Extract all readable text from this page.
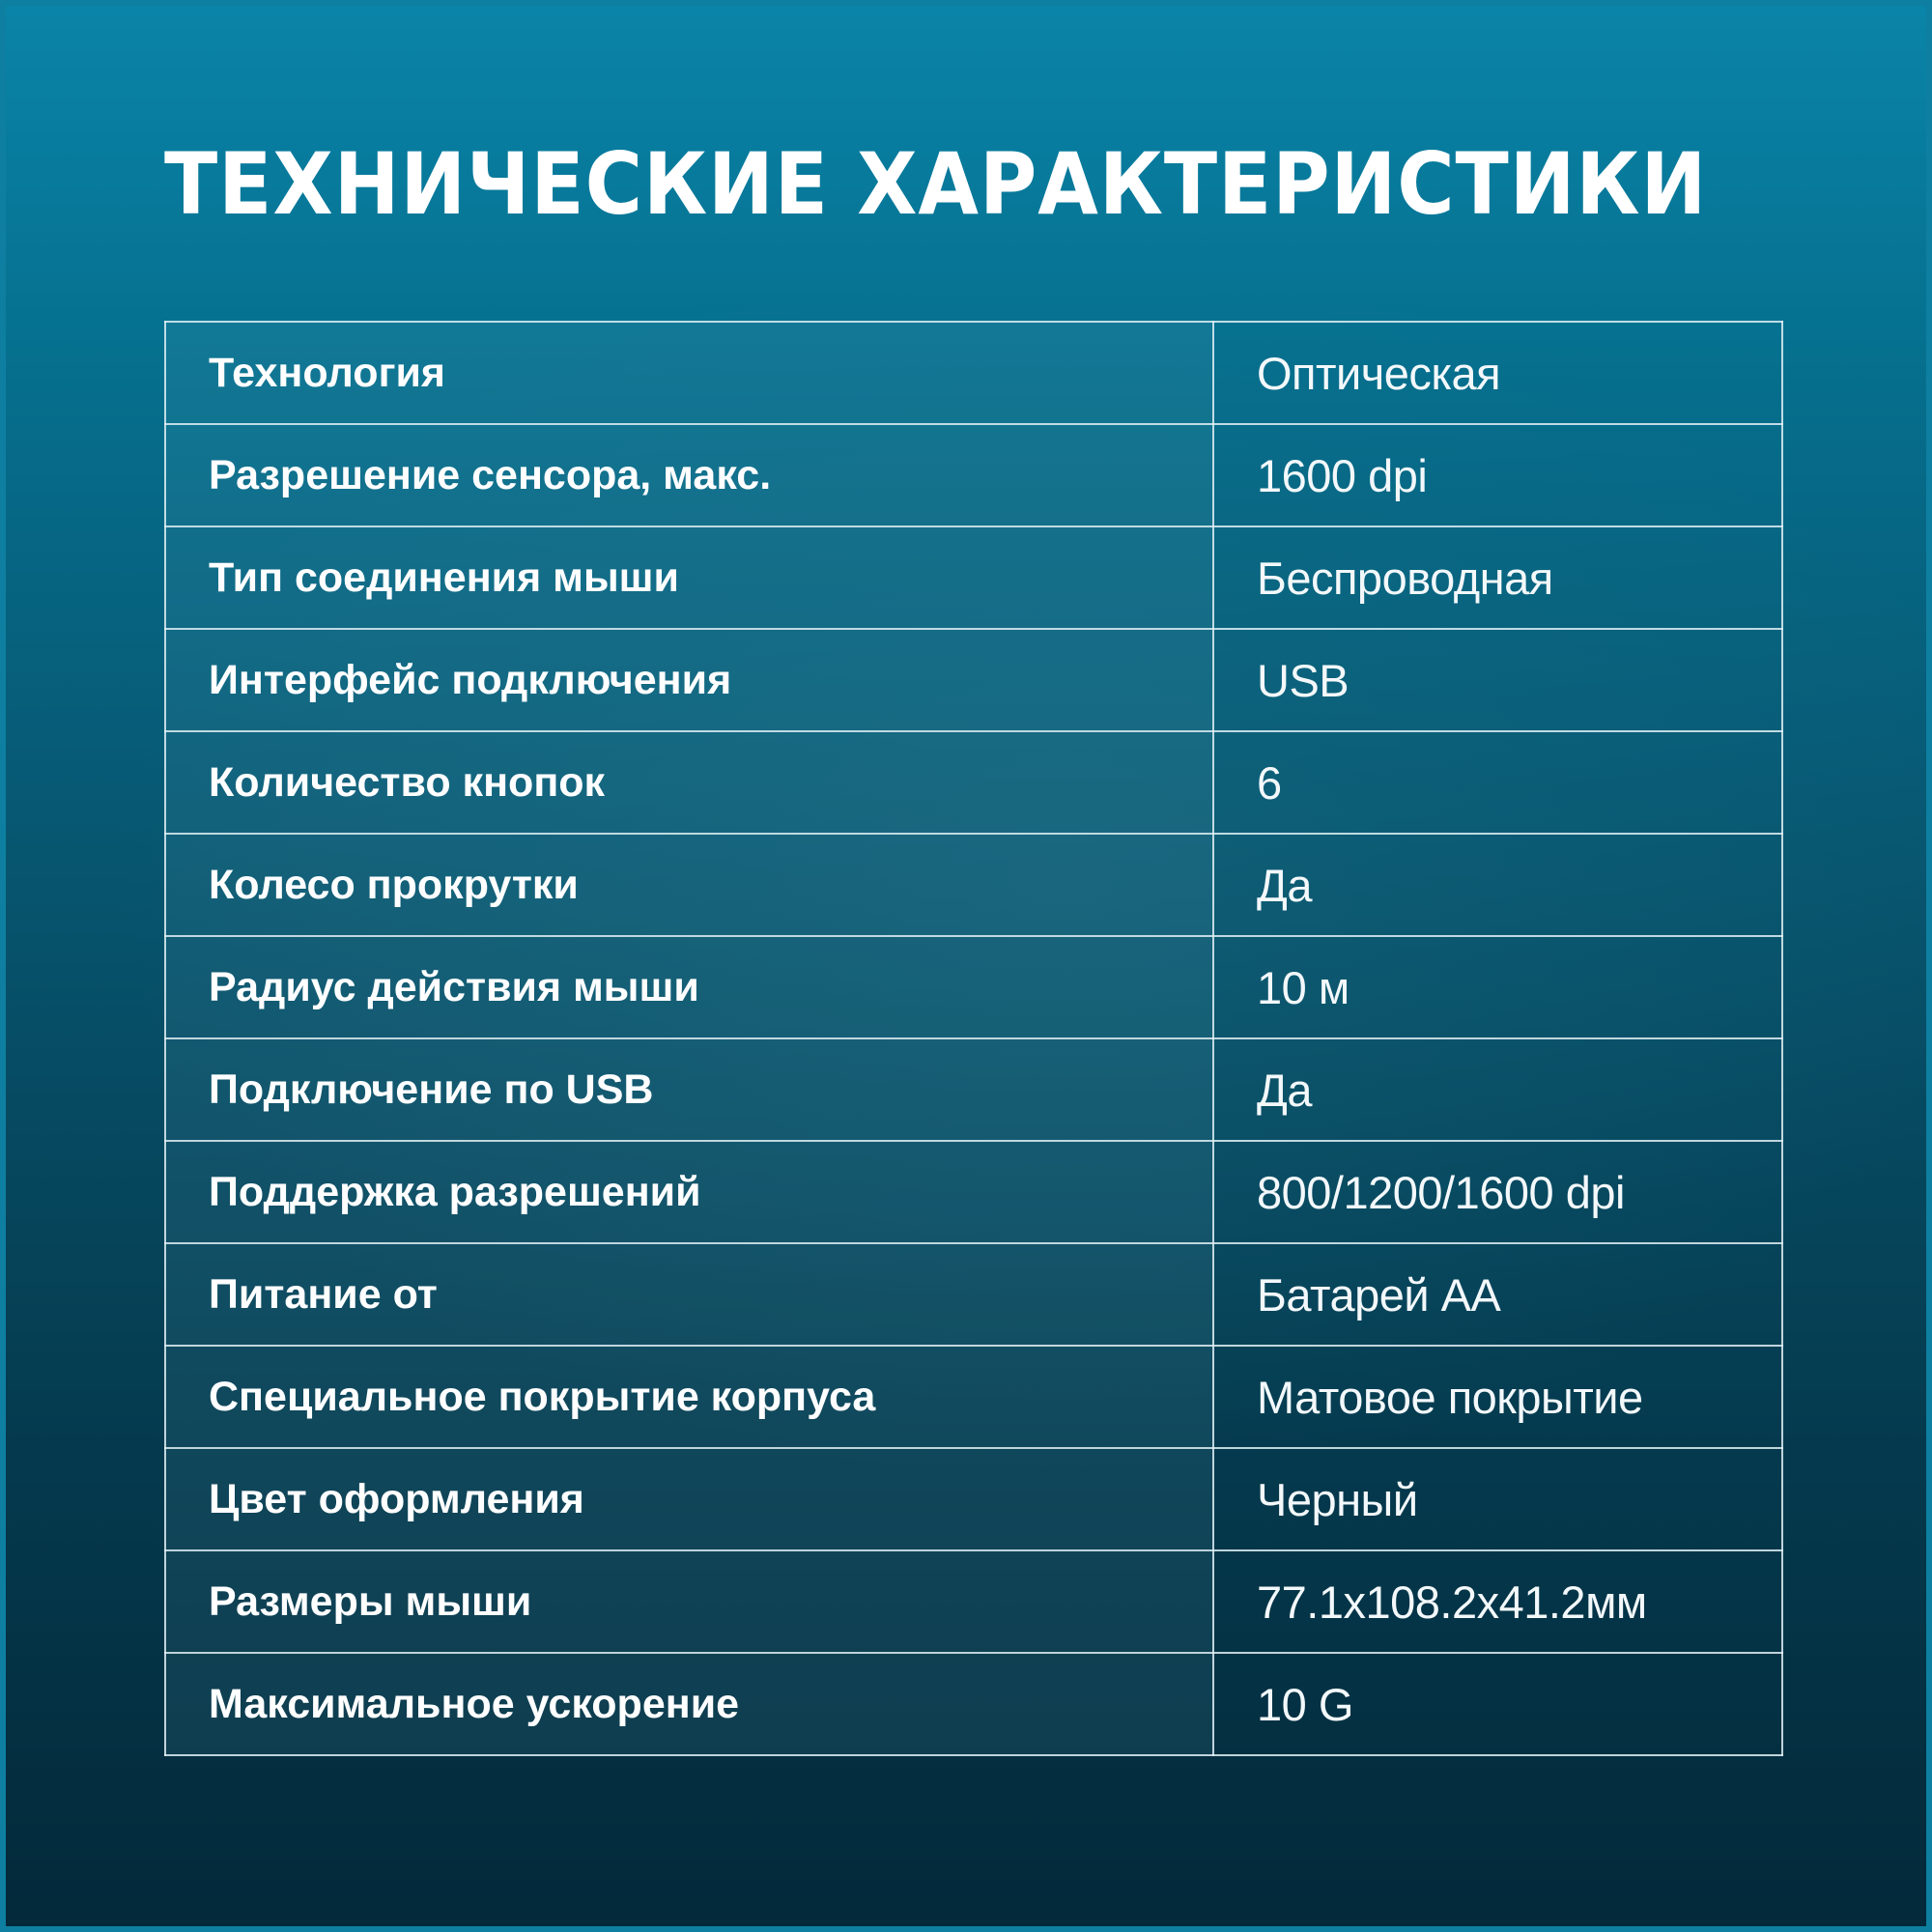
ТЕХНИЧЕСКИЕ ХАРАКТЕРИСТИКИ
Технология	Оптическая
Разрешение сенсора, макс.	1600 dpi
Тип соединения мыши	Беспроводная
Интерфейс подключения	USB
Количество кнопок	6
Колесо прокрутки	Да
Радиус действия мыши	10 м
Подключение по USB	Да
Поддержка разрешений	800/1200/1600 dpi
Питание от	Батарей АА
Специальное покрытие корпуса	Матовое покрытие
Цвет оформления	Черный
Размеры мыши	77.1x108.2x41.2мм
Максимальное ускорение	10 G
